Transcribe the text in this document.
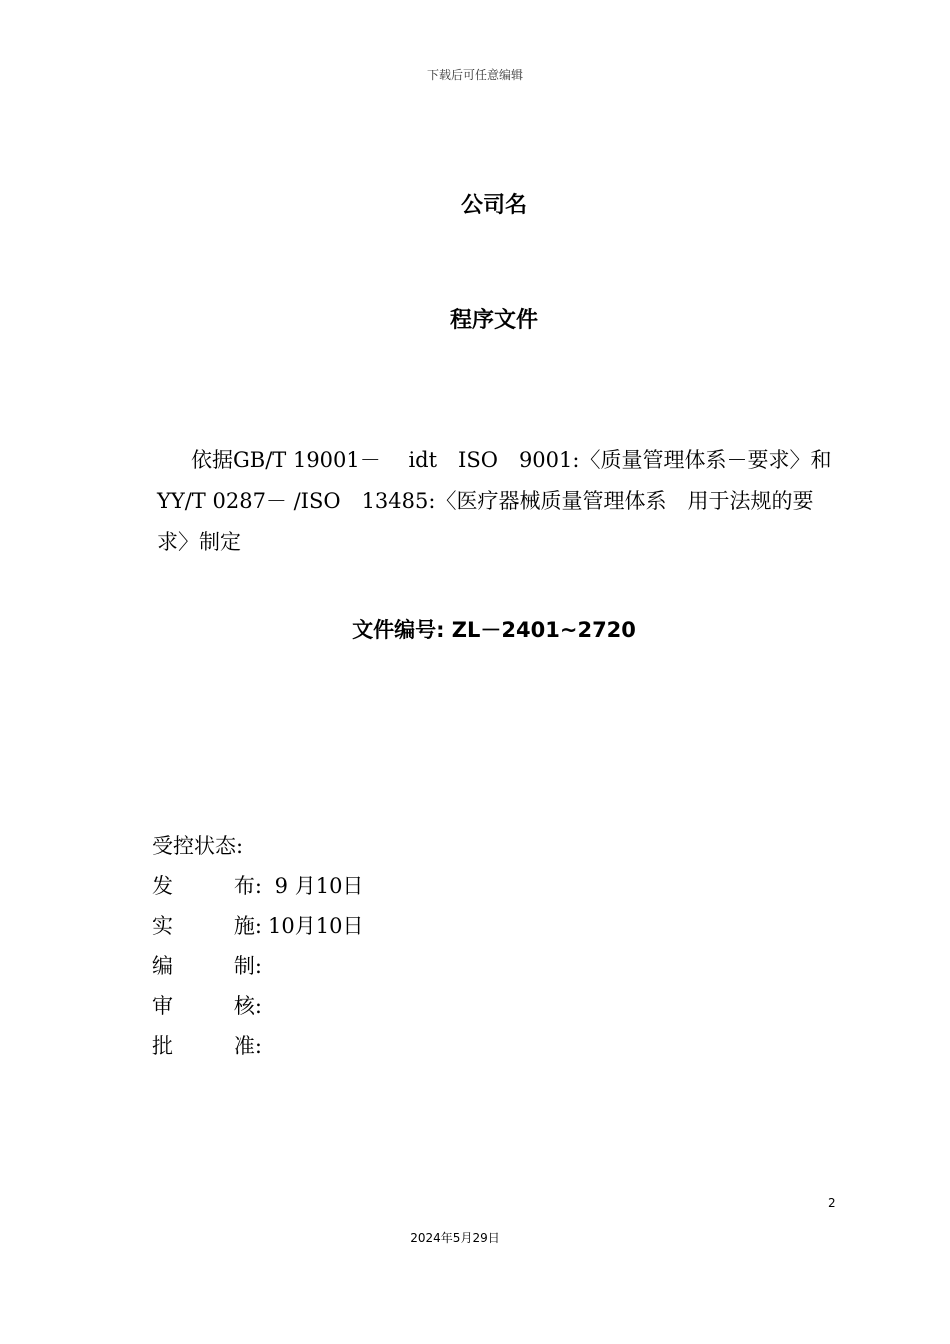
下载后可任意编辑
公司名
程序文件
依据GB/T 19001－　 idt　ISO　9001:〈质量管理体系－要求〉和YY/T 0287－ /ISO　13485:〈医疗器械质量管理体系　用于法规的要求〉制定
文件编号: ZL－2401~2720
受控状态:
发	布: 9 月10日
实	施: 10月10日
编	制:
审	核:
批	准:
2
2024年5月29日
